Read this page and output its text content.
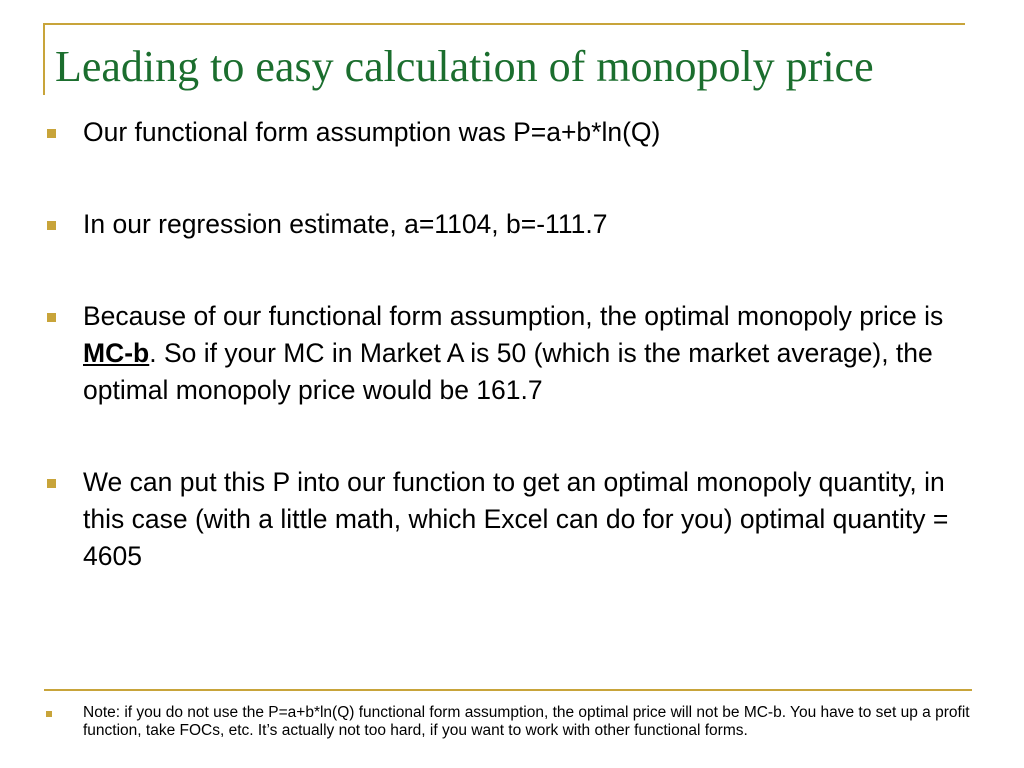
Leading to easy calculation of monopoly price
Our functional form assumption was P=a+b*ln(Q)
In our regression estimate, a=1104, b=-111.7
Because of our functional form assumption, the optimal monopoly price is MC-b. So if your MC in Market A is 50 (which is the market average), the optimal monopoly price would be 161.7
We can put this P into our function to get an optimal monopoly quantity, in this case (with a little math, which Excel can do for you) optimal quantity = 4605
Note: if you do not use the P=a+b*ln(Q) functional form assumption, the optimal price will not be MC-b. You have to set up a profit function, take FOCs, etc. It’s actually not too hard, if you want to work with other functional forms.
